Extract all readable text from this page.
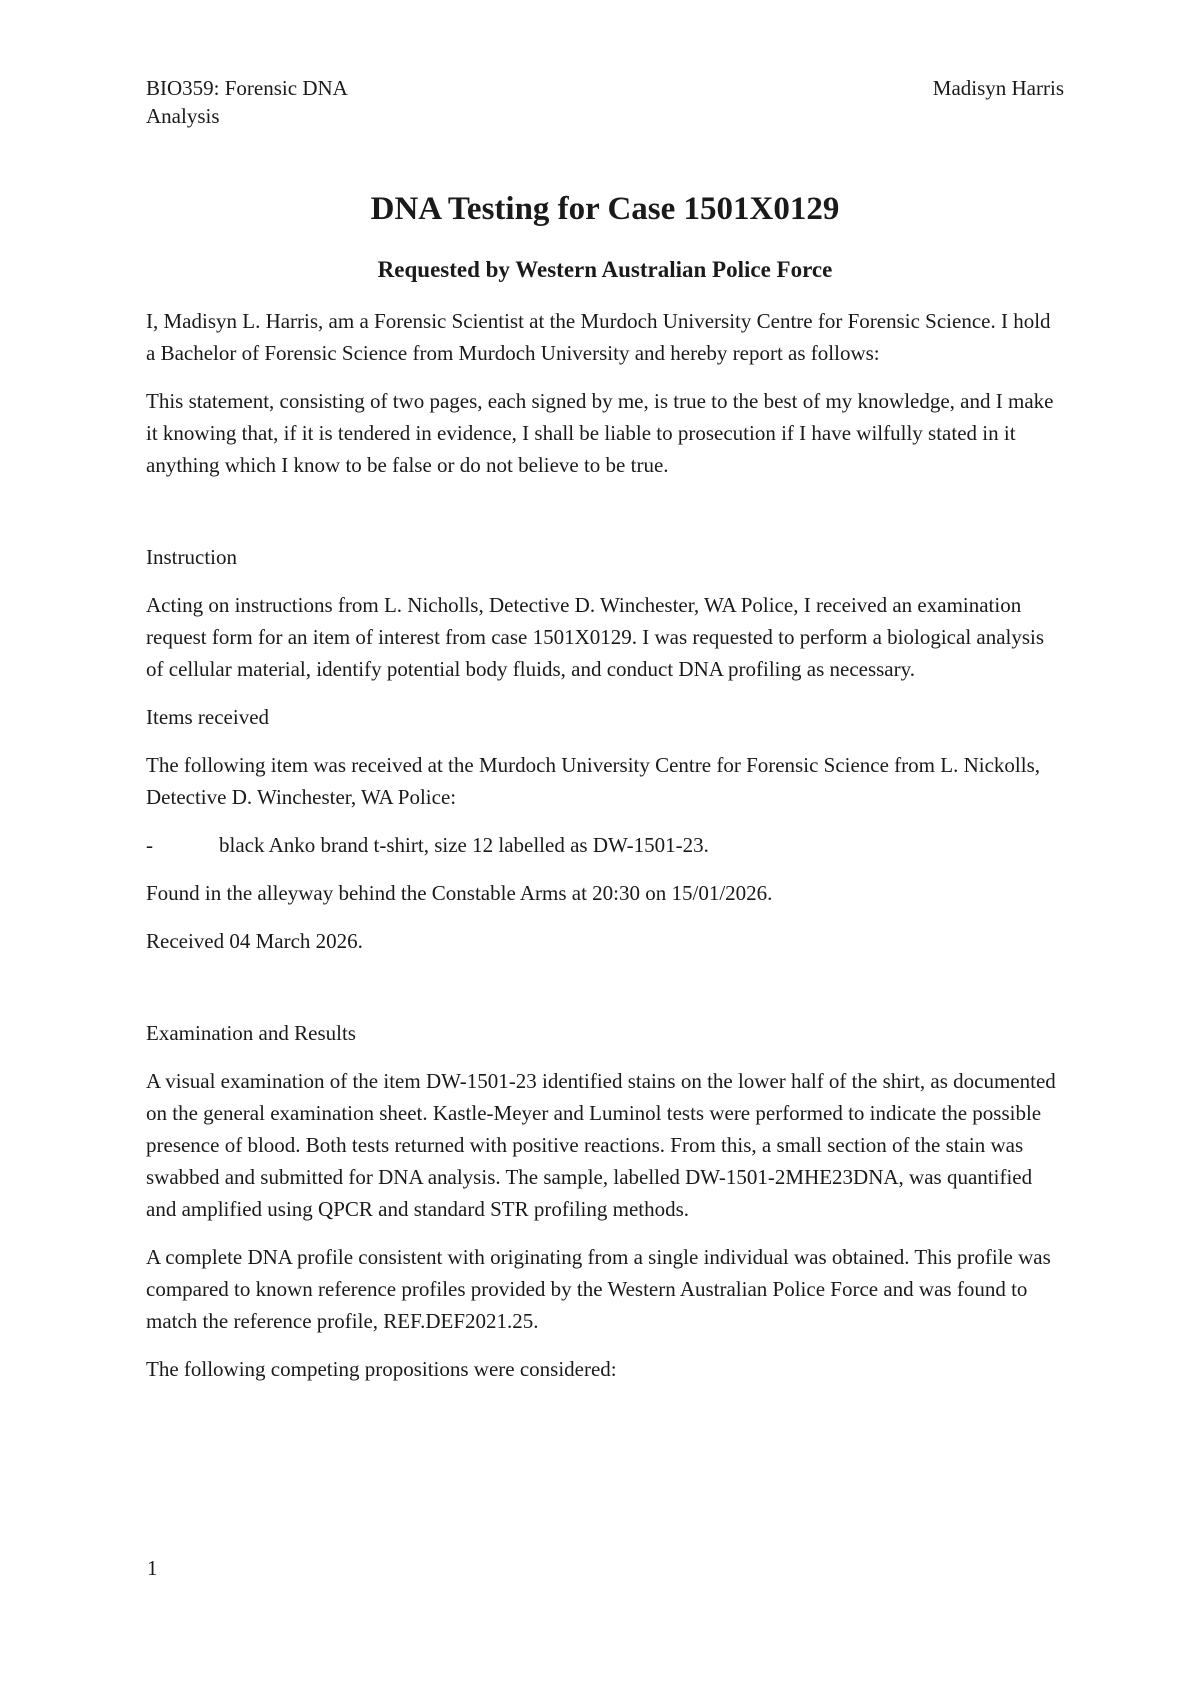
BIO359: Forensic DNA Analysis
Madisyn Harris
DNA Testing for Case 1501X0129
Requested by Western Australian Police Force

I, Madisyn L. Harris, am a Forensic Scientist at the Murdoch University Centre for Forensic Science. I hold a Bachelor of Forensic Science from Murdoch University and hereby report as follows:

This statement, consisting of two pages, each signed by me, is true to the best of my knowledge, and I make it knowing that, if it is tendered in evidence, I shall be liable to prosecution if I have wilfully stated in it anything which I know to be false or do not believe to be true.

Instruction

Acting on instructions from L. Nicholls, Detective D. Winchester, WA Police, I received an examination request form for an item of interest from case 1501X0129. I was requested to perform a biological analysis of cellular material, identify potential body fluids, and conduct DNA profiling as necessary.

Items received

The following item was received at the Murdoch University Centre for Forensic Science from L. Nickolls, Detective D. Winchester, WA Police:

-	black Anko brand t-shirt, size 12 labelled as DW-1501-23.

Found in the alleyway behind the Constable Arms at 20:30 on 15/01/2026.

Received 04 March 2026.

Examination and Results

A visual examination of the item DW-1501-23 identified stains on the lower half of the shirt, as documented on the general examination sheet. Kastle-Meyer and Luminol tests were performed to indicate the possible presence of blood. Both tests returned with positive reactions. From this, a small section of the stain was swabbed and submitted for DNA analysis. The sample, labelled DW-1501-2MHE23DNA, was quantified and amplified using QPCR and standard STR profiling methods.

A complete DNA profile consistent with originating from a single individual was obtained. This profile was compared to known reference profiles provided by the Western Australian Police Force and was found to match the reference profile, REF.DEF2021.25.

The following competing propositions were considered:

1
